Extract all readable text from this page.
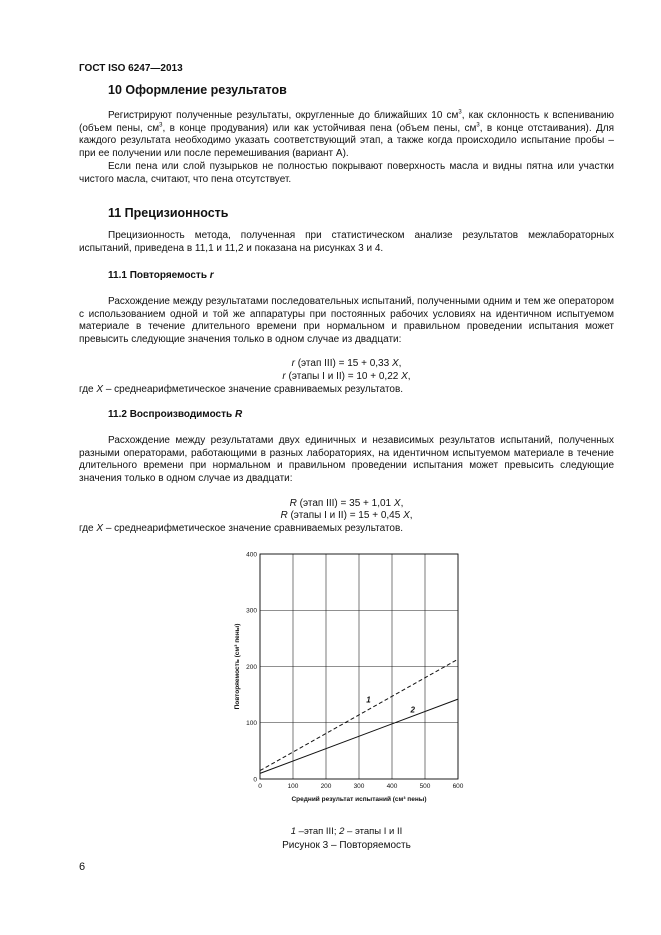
ГОСТ ISO 6247—2013
10 Оформление результатов

Регистрируют полученные результаты, округленные до ближайших 10 $см^3$, как склонность к вспениванию (объем пены, $см^3$, в конце продувания) или как устойчивая пена (объем пены, $см^3$, в конце отстаивания). Для каждого результата необходимо указать соответствующий этап, а также когда происходило испытание пробы – при ее получении или после перемешивания (вариант А).

Если пена или слой пузырьков не полностью покрывают поверхность масла и видны пятна или участки чистого масла, считают, что пена отсутствует.

11 Прецизионность

Прецизионность метода, полученная при статистическом анализе результатов межлабораторных испытаний, приведена в 11,1 и 11,2 и показана на рисунках 3 и 4.

11.1 Повторяемость r

Расхождение между результатами последовательных испытаний, полученными одним и тем же оператором с использованием одной и той же аппаратуры при постоянных рабочих условиях на идентичном испытуемом материале в течение длительного времени при нормальном и правильном проведении испытания может превысить следующие значения только в одном случае из двадцати:

r (этап III) = 15 + 0,33 X,
r (этапы I и II) = 10 + 0,22 X,
где X – среднеарифметическое значение сравниваемых результатов.
11.2 Воспроизводимость R

Расхождение между результатами двух единичных и независимых результатов испытаний, полученных разными операторами, работающими в разных лабораториях, на идентичном испытуемом материале в течение длительного времени при нормальном и правильном проведении испытания может превысить следующие значения только в одном случае из двадцати:

R (этап III) = 35 + 1,01 X,
R (этапы I и II) = 15 + 0,45 X,
где X – среднеарифметическое значение сравниваемых результатов.
0	100	200	300	400	500	600
0
100
200
300
400
1
2
Средний результат испытаний (см³ пены)
Повторяемость (см³ пены)
1 –этап III; 2 – этапы I и II
Рисунок 3 – Повторяемость
6
